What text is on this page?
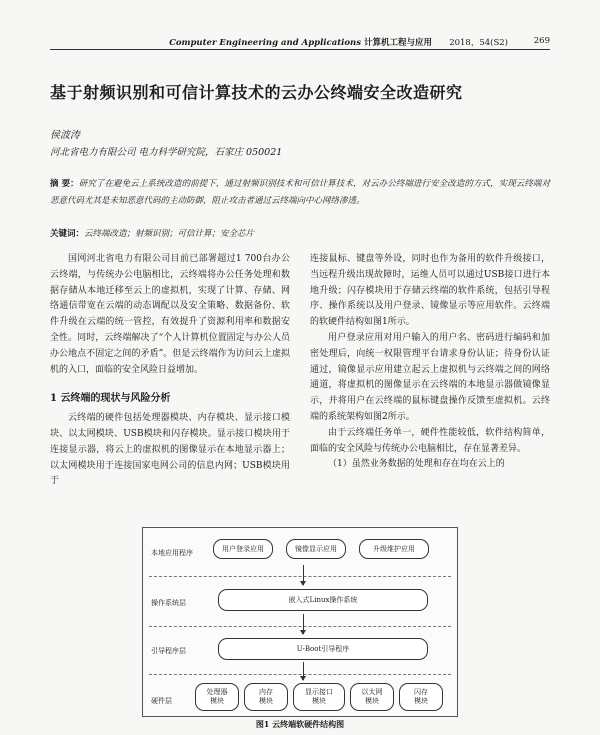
Computer Engineering and Applications 计算机工程与应用 2018，54(S2)	269
基于射频识别和可信计算技术的云办公终端安全改造研究
侯波涛
河北省电力有限公司 电力科学研究院，石家庄 050021
摘 要：研究了在避免云上系统改造的前提下，通过射频识别技术和可信计算技术，对云办公终端进行安全改造的方式，实现云终端对恶意代码尤其是未知恶意代码的主动防御，阻止攻击者通过云终端向中心网络渗透。
关键词：云终端改造；射频识别；可信计算；安全芯片

国网河北省电力有限公司目前已部署超过1 700台办公云终端，与传统办公电脑相比，云终端将办公任务处理和数据存储从本地迁移至云上的虚拟机，实现了计算、存储、网络通信带宽在云端的动态调配以及安全策略、数据备份、软件升级在云端的统一管控，有效提升了资源利用率和数据安全性。同时，云终端解决了“个人计算机位置固定与办公人员办公地点不固定之间的矛盾”。但是云终端作为访问云上虚拟机的入口，面临的安全风险日益增加。

1 云终端的现状与风险分析

云终端的硬件包括处理器模块、内存模块、显示接口模块、以太网模块、USB模块和闪存模块。显示接口模块用于连接显示器，将云上的虚拟机的图像显示在本地显示器上；以太网模块用于连接国家电网公司的信息内网；USB模块用于

连接鼠标、键盘等外设，同时也作为备用的软件升级接口，当远程升级出现故障时，运维人员可以通过USB接口进行本地升级；闪存模块用于存储云终端的软件系统，包括引导程序、操作系统以及用户登录、镜像显示等应用软件。云终端的软硬件结构如图1所示。

用户登录应用对用户输入的用户名、密码进行编码和加密处理后，向统一权限管理平台请求身份认证；待身份认证通过，镜像显示应用建立起云上虚拟机与云终端之间的网络通道，将虚拟机的图像显示在云终端的本地显示器做镜像显示，并将用户在云终端的鼠标键盘操作反馈至虚拟机。云终端的系统架构如图2所示。

由于云终端任务单一，硬件性能较低，软件结构简单，面临的安全风险与传统办公电脑相比，存在显著差异。

（1）虽然业务数据的处理和存在均在云上的

本地应用程序
用户登录应用	镜像显示应用	升级维护应用
操作系统层	嵌入式Linux操作系统
引导程序层	U-Boot引导程序
硬件层
处理器
模块
内存
模块
显示接口
模块
以太网
模块
闪存
模块
图1 云终端软硬件结构图
